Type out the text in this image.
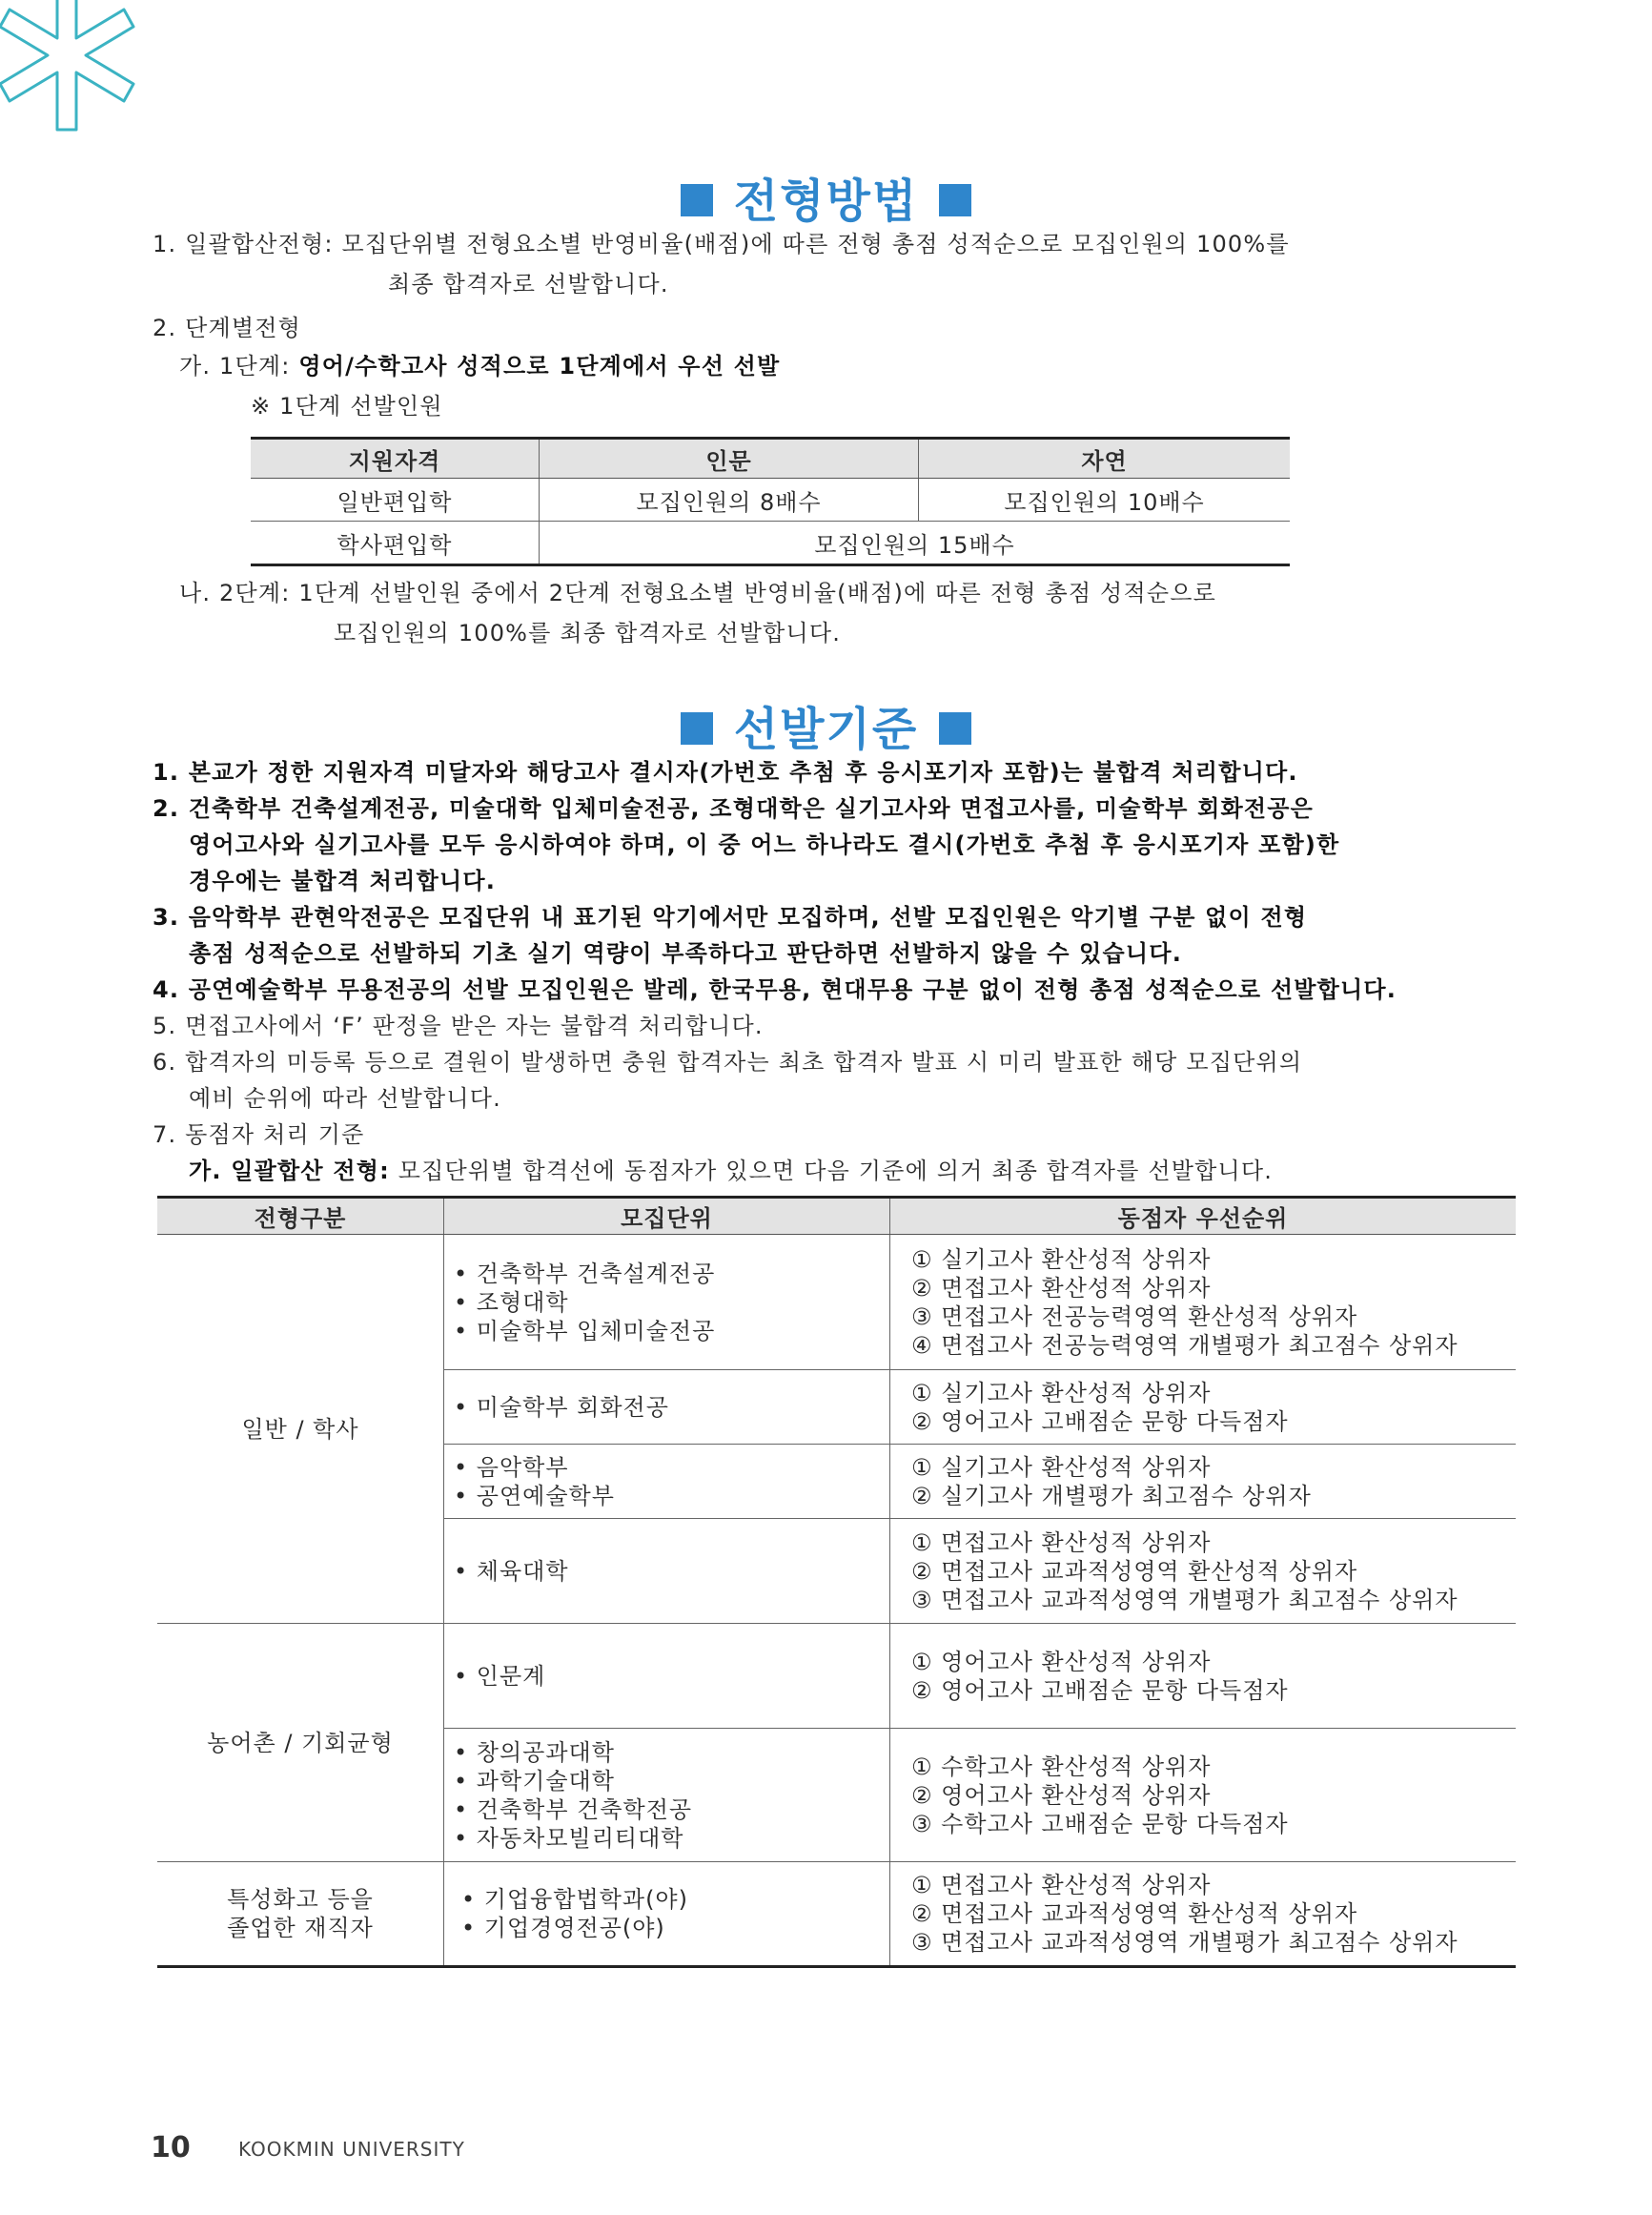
전형방법
1. 일괄합산전형: 모집단위별 전형요소별 반영비율(배점)에 따른 전형 총점 성적순으로 모집인원의 100%를
최종 합격자로 선발합니다.
2. 단계별전형
가. 1단계: 영어/수학고사 성적으로 1단계에서 우선 선발
※ 1단계 선발인원
지원자격	인문	자연
일반편입학	모집인원의 8배수	모집인원의 10배수
학사편입학	모집인원의 15배수	
나. 2단계: 1단계 선발인원 중에서 2단계 전형요소별 반영비율(배점)에 따른 전형 총점 성적순으로
모집인원의 100%를 최종 합격자로 선발합니다.
선발기준
1. 본교가 정한 지원자격 미달자와 해당고사 결시자(가번호 추첨 후 응시포기자 포함)는 불합격 처리합니다.
2. 건축학부 건축설계전공, 미술대학 입체미술전공, 조형대학은 실기고사와 면접고사를, 미술학부 회화전공은
영어고사와 실기고사를 모두 응시하여야 하며, 이 중 어느 하나라도 결시(가번호 추첨 후 응시포기자 포함)한
경우에는 불합격 처리합니다.
3. 음악학부 관현악전공은 모집단위 내 표기된 악기에서만 모집하며, 선발 모집인원은 악기별 구분 없이 전형
총점 성적순으로 선발하되 기초 실기 역량이 부족하다고 판단하면 선발하지 않을 수 있습니다.
4. 공연예술학부 무용전공의 선발 모집인원은 발레, 한국무용, 현대무용 구분 없이 전형 총점 성적순으로 선발합니다.
5. 면접고사에서 ‘F’ 판정을 받은 자는 불합격 처리합니다.
6. 합격자의 미등록 등으로 결원이 발생하면 충원 합격자는 최초 합격자 발표 시 미리 발표한 해당 모집단위의
예비 순위에 따라 선발합니다.
7. 동점자 처리 기준
가. 일괄합산 전형: 모집단위별 합격선에 동점자가 있으면 다음 기준에 의거 최종 합격자를 선발합니다.
전형구분	모집단위	동점자 우선순위

일반 / 학사	• 건축학부 건축설계전공
• 조형대학
• 미술학부 입체미술전공	① 실기고사 환산성적 상위자
② 면접고사 환산성적 상위자
③ 면접고사 전공능력영역 환산성적 상위자
④ 면접고사 전공능력영역 개별평가 최고점수 상위자

	• 미술학부 회화전공	① 실기고사 환산성적 상위자
② 영어고사 고배점순 문항 다득점자

	• 음악학부
• 공연예술학부	① 실기고사 환산성적 상위자
② 실기고사 개별평가 최고점수 상위자

	• 체육대학	① 면접고사 환산성적 상위자
② 면접고사 교과적성영역 환산성적 상위자
③ 면접고사 교과적성영역 개별평가 최고점수 상위자

농어촌 / 기회균형	• 인문계	① 영어고사 환산성적 상위자
② 영어고사 고배점순 문항 다득점자

	• 창의공과대학
• 과학기술대학
• 건축학부 건축학전공
• 자동차모빌리티대학	① 수학고사 환산성적 상위자
② 영어고사 환산성적 상위자
③ 수학고사 고배점순 문항 다득점자

특성화고 등을
졸업한 재직자	• 기업융합법학과(야)
• 기업경영전공(야)	① 면접고사 환산성적 상위자
② 면접고사 교과적성영역 환산성적 상위자
③ 면접고사 교과적성영역 개별평가 최고점수 상위자
10	KOOKMIN UNIVERSITY
